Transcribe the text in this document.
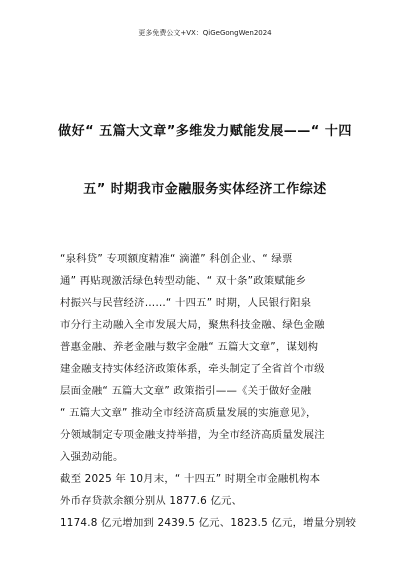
更多免费公文+VX：QiGeGongWen2024
做好“ 五篇大文章”多维发力赋能发展——“ 十四
五” 时期我市金融服务实体经济工作综述

“泉科贷” 专项额度精准“ 滴灌” 科创企业、“ 绿票
通” 再贴现激活绿色转型动能、“ 双十条”政策赋能乡
村振兴与民营经济……“ 十四五” 时期，人民银行阳泉
市分行主动融入全市发展大局，聚焦科技金融、绿色金融
普惠金融、养老金融与数字金融“ 五篇大文章”，谋划构
建金融支持实体经济政策体系，牵头制定了全省首个市级
层面金融“ 五篇大文章” 政策指引——《关于做好金融
“ 五篇大文章” 推动全市经济高质量发展的实施意见》，
分领域制定专项金融支持举措，为全市经济高质量发展注
入强劲动能。

截至 2025 年 10月末，“ 十四五” 时期全市金融机构本
外币存贷款余额分别从 1877.6 亿元、
1174.8 亿元增加到 2439.5 亿元、1823.5 亿元，增量分别较
